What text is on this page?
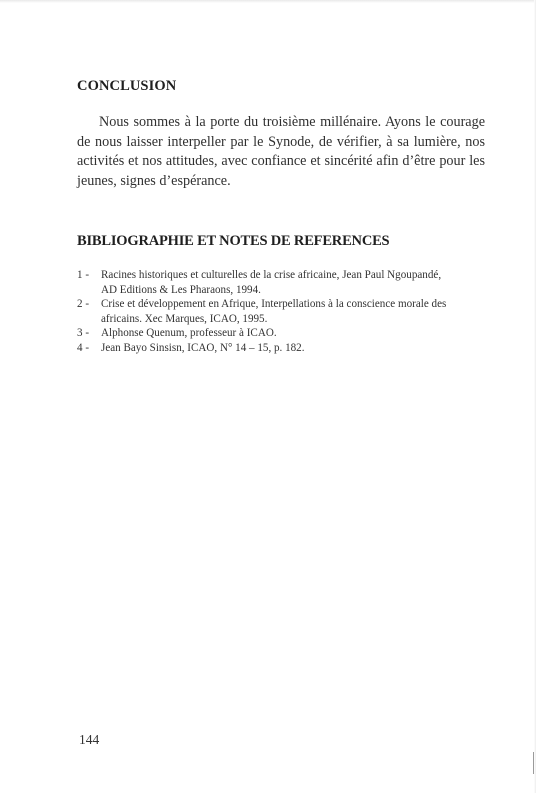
CONCLUSION
Nous sommes à la porte du troisième millénaire. Ayons le courage
de nous laisser interpeller par le Synode, de vérifier, à sa lumière, nos
activités et nos attitudes, avec confiance et sincérité afin d’être pour les
jeunes, signes d’espérance.
BIBLIOGRAPHIE ET NOTES DE REFERENCES
1 - Racines historiques et culturelles de la crise africaine, Jean Paul Ngoupandé,
AD Editions & Les Pharaons, 1994.
2 - Crise et développement en Afrique, Interpellations à la conscience morale des
africains. Xec Marques, ICAO, 1995.
3 - Alphonse Quenum, professeur à ICAO.
4 - Jean Bayo Sinsisn, ICAO, N° 14 – 15, p. 182.
144
